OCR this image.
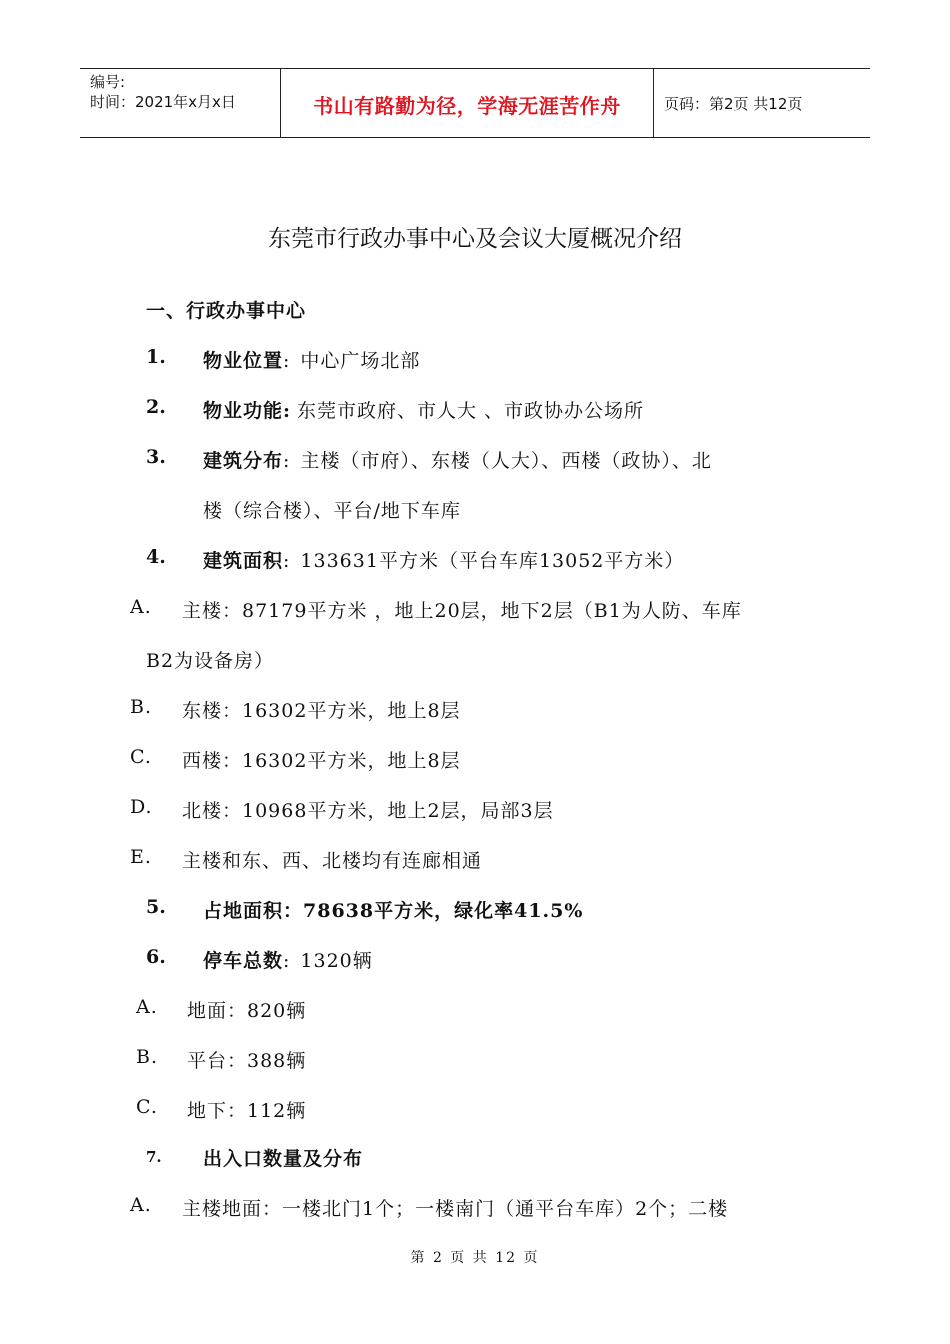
编号:
时间：2021年x月x日	书山有路勤为径，学海无涯苦作舟	页码：第2页 共12页
东莞市行政办事中心及会议大厦概况介绍
一、行政办事中心
1. 物业位置: 中心广场北部
2. 物业功能: 东莞市政府、市人大 、市政协办公场所
3. 建筑分布: 主楼（市府）、东楼（人大）、西楼（政协）、北
楼（综合楼）、平台/地下车库
4. 建筑面积: 133631平方米（平台车库13052平方米）
A. 主楼：87179平方米 ，地上20层，地下2层（B1为人防、车库
B2为设备房）
B. 东楼：16302平方米，地上8层
C. 西楼：16302平方米，地上8层
D. 北楼：10968平方米，地上2层，局部3层
E. 主楼和东、西、北楼均有连廊相通
5. 占地面积：78638平方米，绿化率41.5%
6. 停车总数: 1320辆
A. 地面：820辆
B. 平台：388辆
C. 地下：112辆
7. 出入口数量及分布
A. 主楼地面：一楼北门1个；一楼南门（通平台车库）2个；二楼
第 2 页 共 12 页
